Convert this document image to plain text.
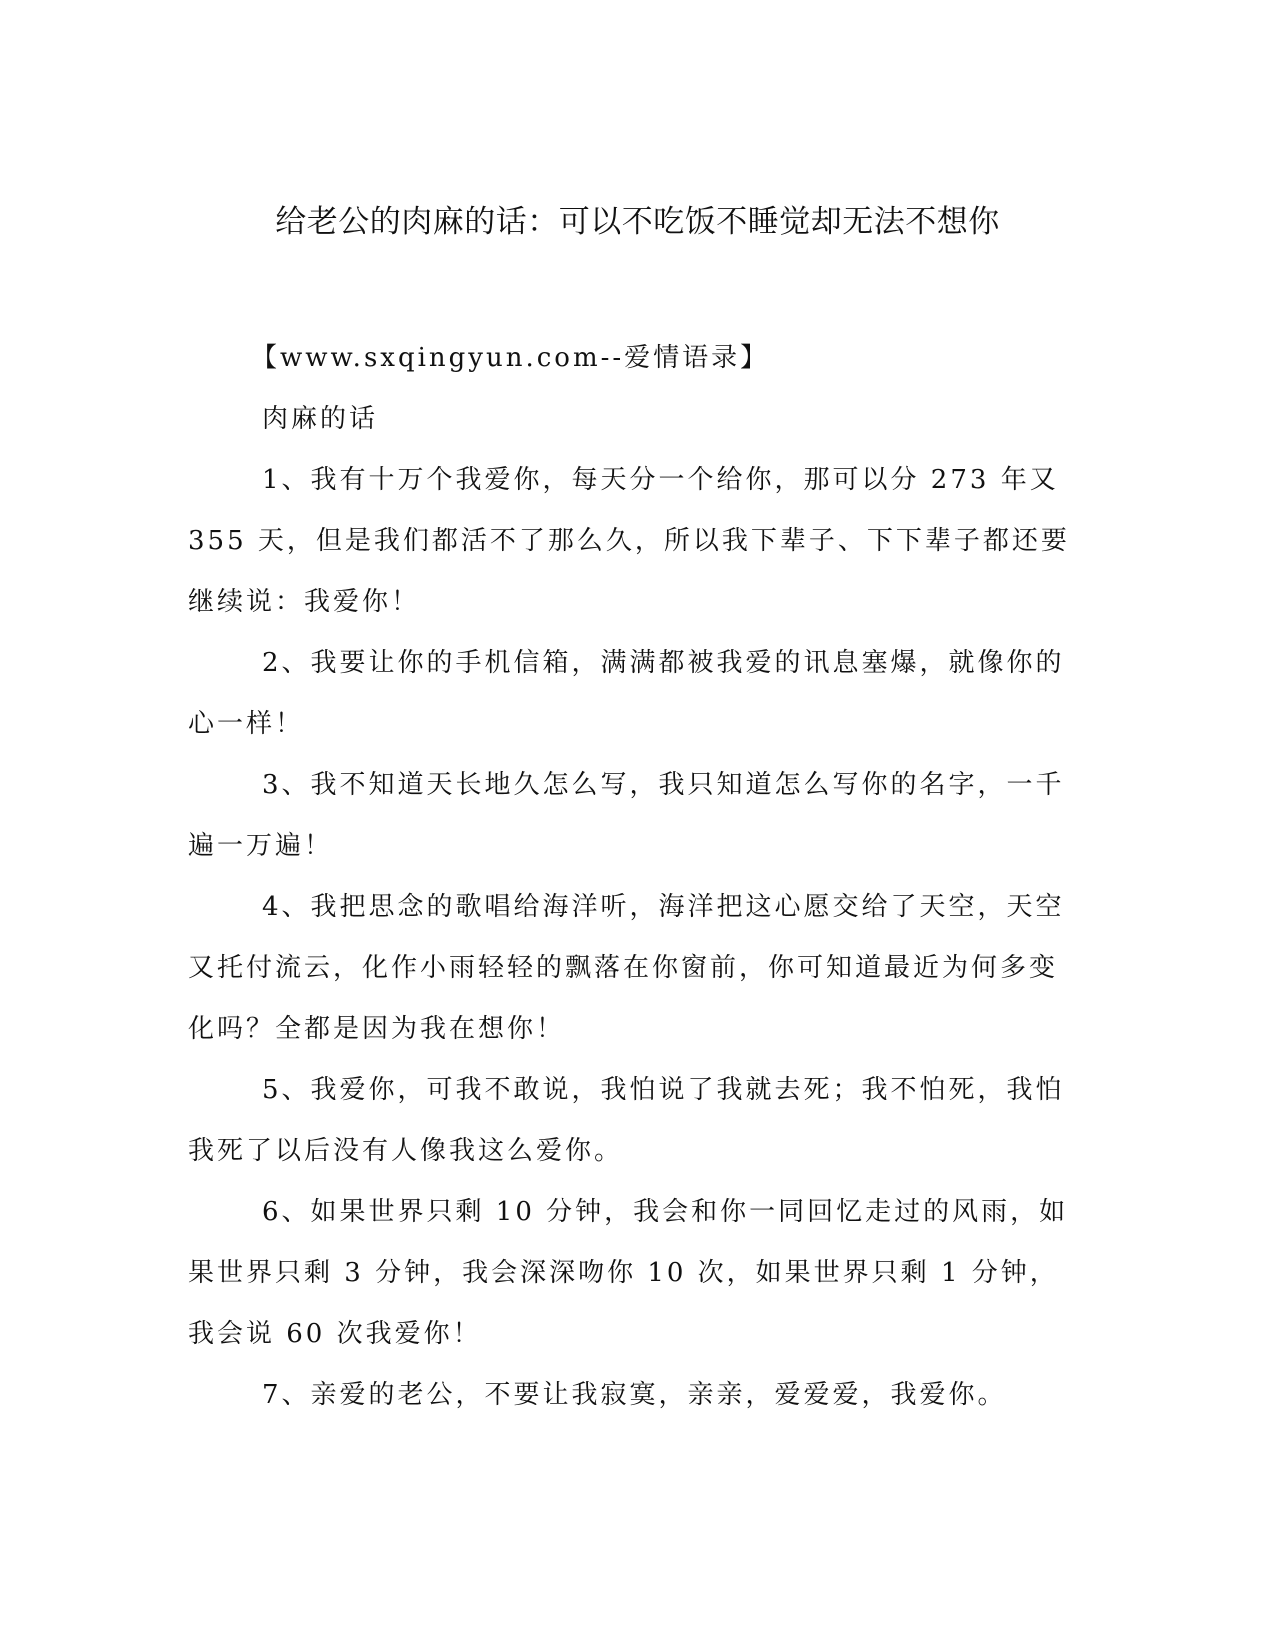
给老公的肉麻的话：可以不吃饭不睡觉却无法不想你

【www.sxqingyun.com--爱情语录】

肉麻的话

1、我有十万个我爱你，每天分一个给你，那可以分 273 年又 355 天，但是我们都活不了那么久，所以我下辈子、下下辈子都还要继续说：我爱你！

2、我要让你的手机信箱，满满都被我爱的讯息塞爆，就像你的心一样！

3、我不知道天长地久怎么写，我只知道怎么写你的名字，一千遍一万遍！

4、我把思念的歌唱给海洋听，海洋把这心愿交给了天空，天空又托付流云，化作小雨轻轻的飘落在你窗前，你可知道最近为何多变化吗？全都是因为我在想你！

5、我爱你，可我不敢说，我怕说了我就去死；我不怕死，我怕我死了以后没有人像我这么爱你。

6、如果世界只剩 10 分钟，我会和你一同回忆走过的风雨，如果世界只剩 3 分钟，我会深深吻你 10 次，如果世界只剩 1 分钟，我会说 60 次我爱你！

7、亲爱的老公，不要让我寂寞，亲亲，爱爱爱，我爱你。
